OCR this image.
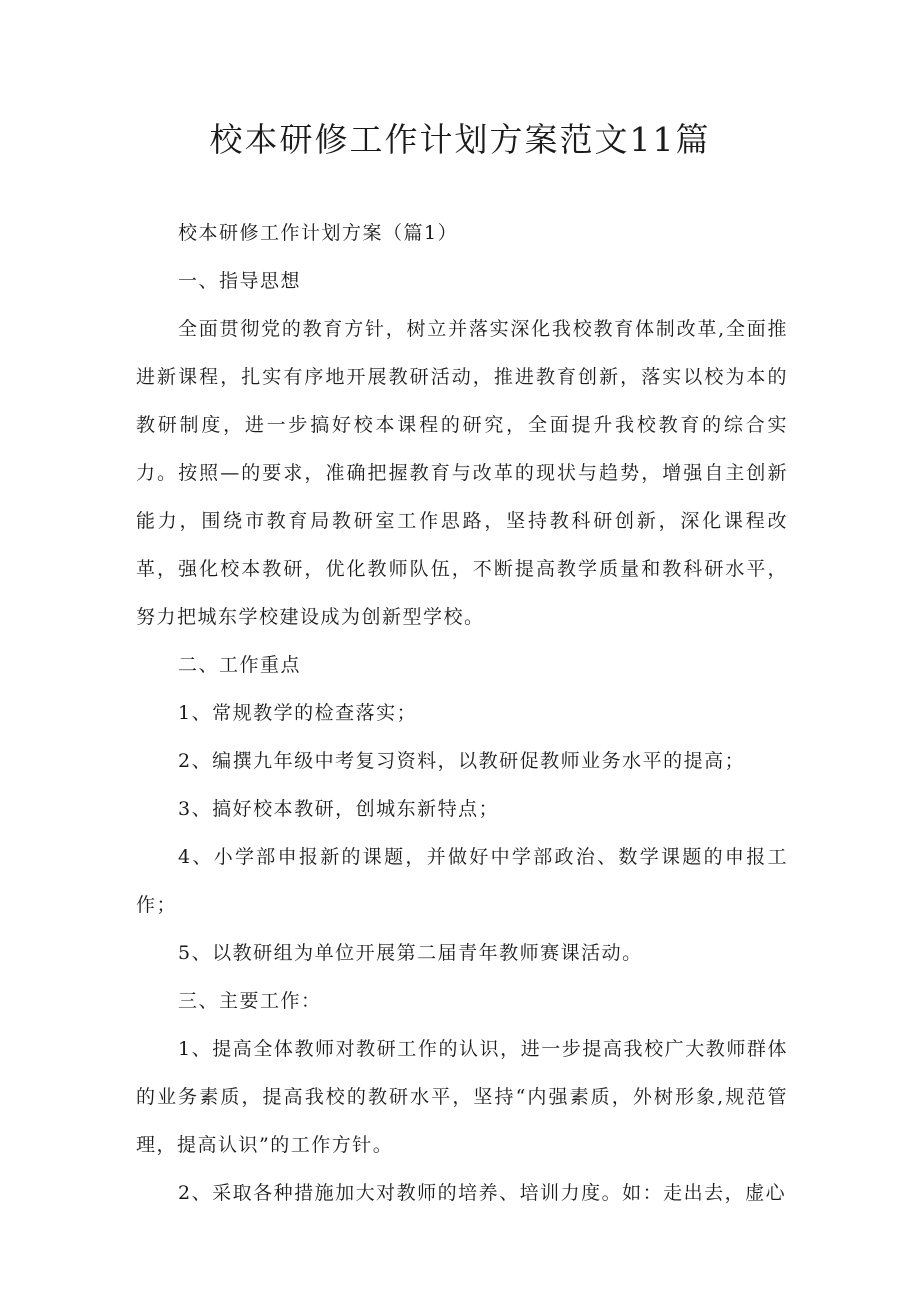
校本研修工作计划方案范文11篇

校本研修工作计划方案（篇1）

一、指导思想

全面贯彻党的教育方针，树立并落实深化我校教育体制改革,全面推进新课程，扎实有序地开展教研活动，推进教育创新，落实以校为本的教研制度，进一步搞好校本课程的研究，全面提升我校教育的综合实力。按照—的要求，准确把握教育与改革的现状与趋势，增强自主创新能力，围绕市教育局教研室工作思路，坚持教科研创新，深化课程改革，强化校本教研，优化教师队伍，不断提高教学质量和教科研水平，努力把城东学校建设成为创新型学校。

二、工作重点

1、常规教学的检查落实；

2、编撰九年级中考复习资料，以教研促教师业务水平的提高；

3、搞好校本教研，创城东新特点；

4、小学部申报新的课题，并做好中学部政治、数学课题的申报工作；

5、以教研组为单位开展第二届青年教师赛课活动。

三、主要工作：

1、提高全体教师对教研工作的认识，进一步提高我校广大教师群体的业务素质，提高我校的教研水平，坚持“内强素质，外树形象,规范管理，提高认识”的工作方针。

2、采取各种措施加大对教师的培养、培训力度。如：走出去，虚心
